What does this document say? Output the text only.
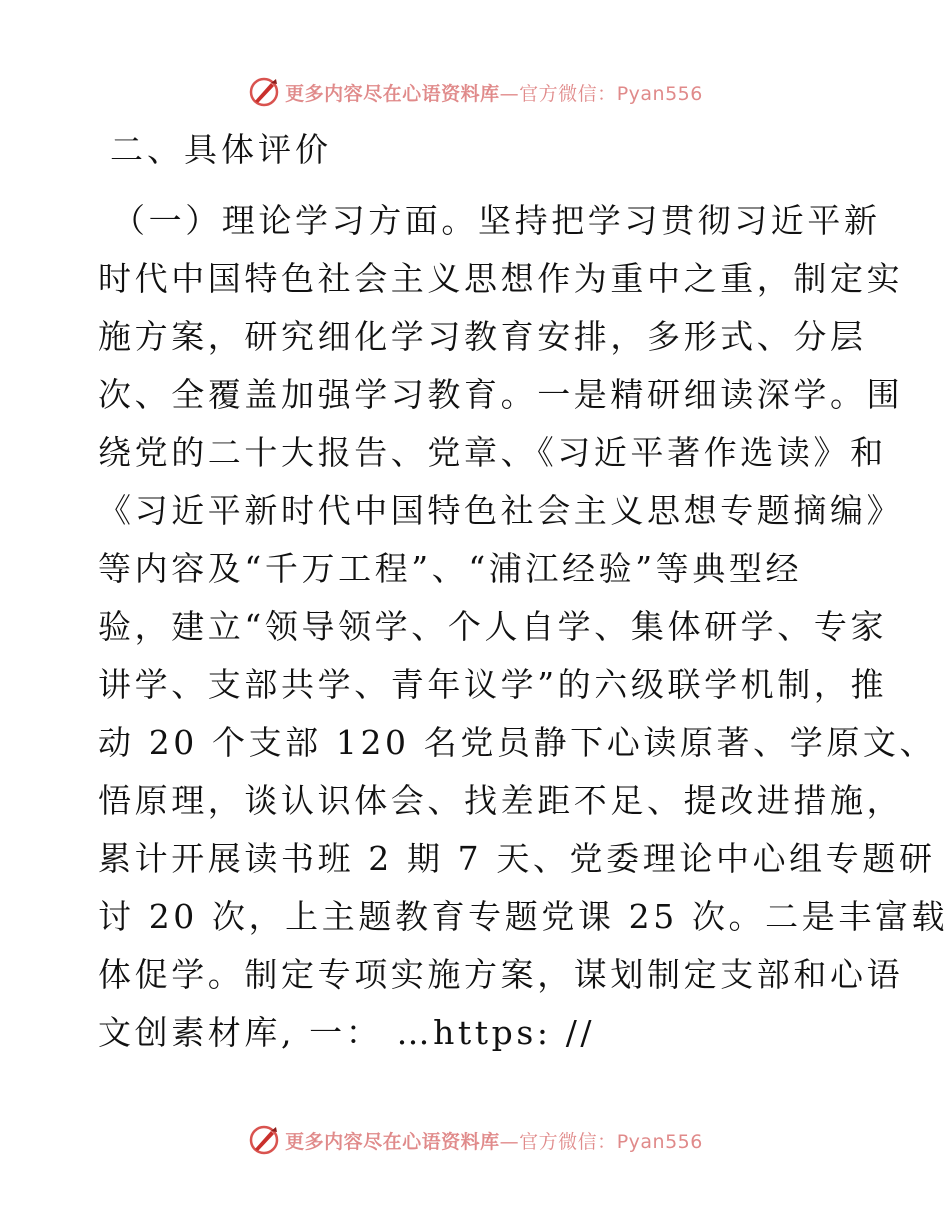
更多内容尽在心语资料库—官方微信：Pyan556
二、具体评价
（一）理论学习方面。坚持把学习贯彻习近平新
时代中国特色社会主义思想作为重中之重，制定实
施方案，研究细化学习教育安排，多形式、分层
次、全覆盖加强学习教育。一是精研细读深学。围
绕党的二十大报告、党章、《习近平著作选读》和
《习近平新时代中国特色社会主义思想专题摘编》
等内容及“千万工程”、“浦江经验”等典型经
验，建立“领导领学、个人自学、集体研学、专家
讲学、支部共学、青年议学”的六级联学机制，推
动 20 个支部 120 名党员静下心读原著、学原文、
悟原理，谈认识体会、找差距不足、提改进措施，
累计开展读书班 2 期 7 天、党委理论中心组专题研
讨 20 次，上主题教育专题党课 25 次。二是丰富载
体促学。制定专项实施方案，谋划制定支部和心语
文创素材库, 一： …https: //
更多内容尽在心语资料库—官方微信：Pyan556
